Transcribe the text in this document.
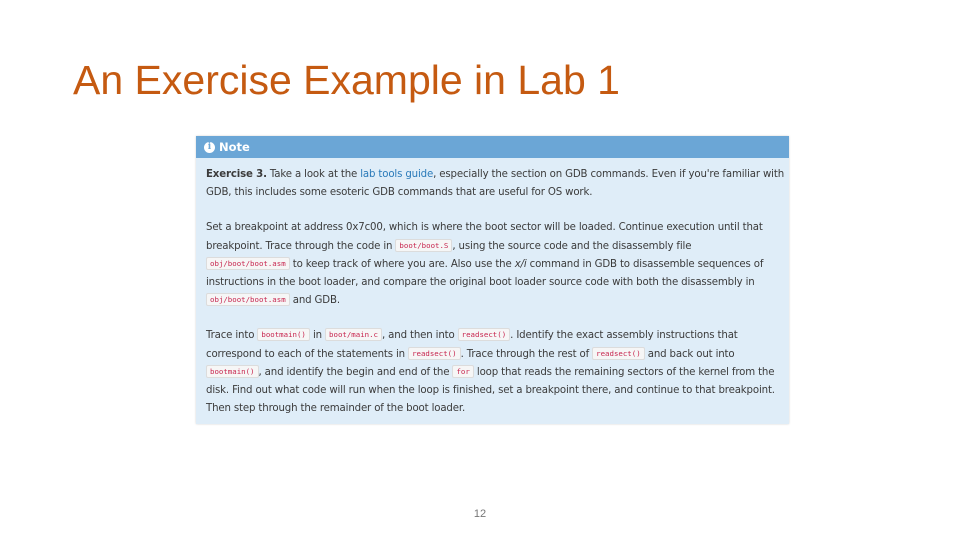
An Exercise Example in Lab 1
i Note

Exercise 3. Take a look at the lab tools guide, especially the section on GDB commands. Even if you're familiar with
GDB, this includes some esoteric GDB commands that are useful for OS work.

Set a breakpoint at address 0x7c00, which is where the boot sector will be loaded. Continue execution until that
breakpoint. Trace through the code in boot/boot.S , using the source code and the disassembly file
obj/boot/boot.asm to keep track of where you are. Also use the x/i command in GDB to disassemble sequences of
instructions in the boot loader, and compare the original boot loader source code with both the disassembly in
obj/boot/boot.asm and GDB.

Trace into bootmain() in boot/main.c , and then into readsect() . Identify the exact assembly instructions that
correspond to each of the statements in readsect() . Trace through the rest of readsect() and back out into
bootmain() , and identify the begin and end of the for loop that reads the remaining sectors of the kernel from the
disk. Find out what code will run when the loop is finished, set a breakpoint there, and continue to that breakpoint.
Then step through the remainder of the boot loader.

12
